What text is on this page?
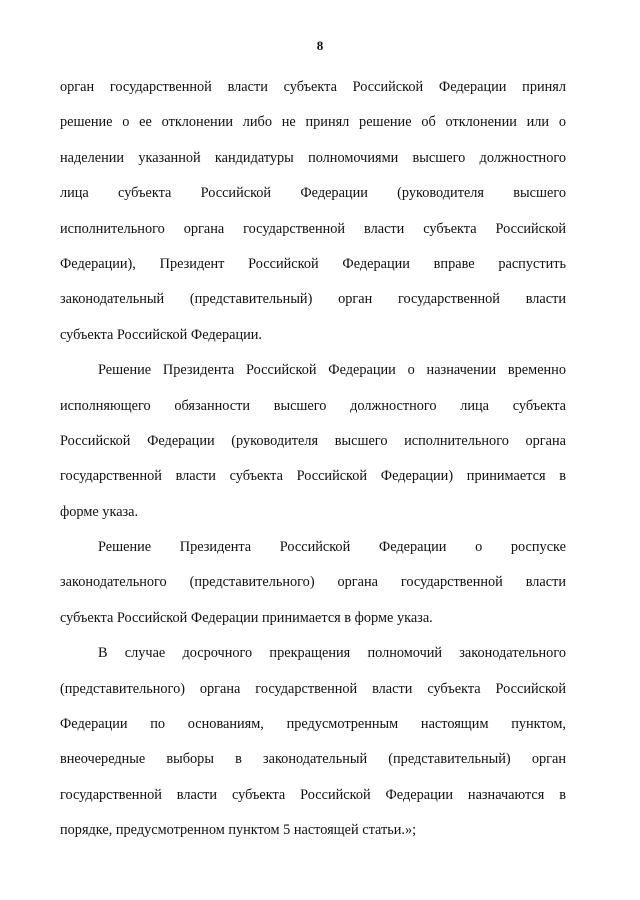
8
орган государственной власти субъекта Российской Федерации принял
решение о ее отклонении либо не принял решение об отклонении или о
наделении указанной кандидатуры полномочиями высшего должностного
лица субъекта Российской Федерации (руководителя высшего
исполнительного органа государственной власти субъекта Российской
Федерации), Президент Российской Федерации вправе распустить
законодательный (представительный) орган государственной власти
субъекта Российской Федерации.
Решение Президента Российской Федерации о назначении временно
исполняющего обязанности высшего должностного лица субъекта
Российской Федерации (руководителя высшего исполнительного органа
государственной власти субъекта Российской Федерации) принимается в
форме указа.
Решение Президента Российской Федерации о роспуске
законодательного (представительного) органа государственной власти
субъекта Российской Федерации принимается в форме указа.
В случае досрочного прекращения полномочий законодательного
(представительного) органа государственной власти субъекта Российской
Федерации по основаниям, предусмотренным настоящим пунктом,
внеочередные выборы в законодательный (представительный) орган
государственной власти субъекта Российской Федерации назначаются в
порядке, предусмотренном пунктом 5 настоящей статьи.»;
